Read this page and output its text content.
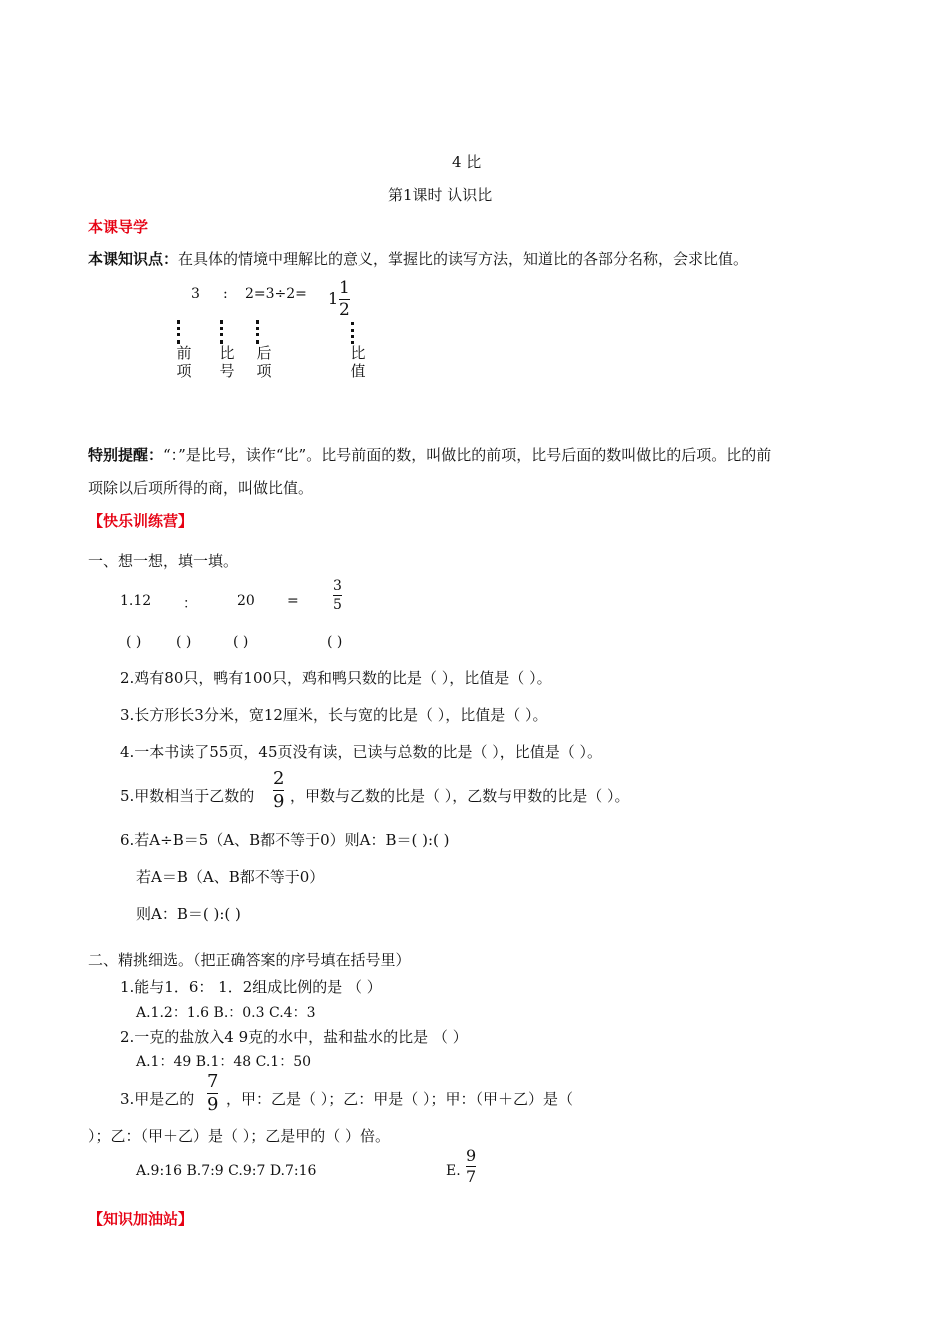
4 比
第1课时 认识比
本课导学
本课知识点：在具体的情境中理解比的意义，掌握比的读写方法，知道比的各部分名称，会求比值。
3 : 2=3÷2= 1
1
2
前
项
比
号
后
项
比
值
特别提醒：“：”是比号，读作“比”。比号前面的数，叫做比的前项，比号后面的数叫做比的后项。比的前
项除以后项所得的商，叫做比值。
【快乐训练营】
一、想一想，填一填。
1.12 ：	20 =
3
5
( ) ( )	( )	( )
2.鸡有80只，鸭有100只，鸡和鸭只数的比是（ ），比值是（ ）。
3.长方形长3分米，宽12厘米，长与宽的比是（ ），比值是（ ）。
4.一本书读了55页，45页没有读，已读与总数的比是（ ），比值是（ ）。
5.甲数相当于乙数的
2
9 ，甲数与乙数的比是（ ），乙数与甲数的比是（ ）。
6.若A÷B＝5（A、B都不等于0）则A：B＝( ):( )
若A＝B（A、B都不等于0）
则A：B＝( ):( )
二、精挑细选。（把正确答案的序号填在括号里）
1.能与1．6： 1．2组成比例的是 （ ）
A.1.2：1.6 B.：0.3 C.4：3
2.一克的盐放入4 9克的水中，盐和盐水的比是 （ ）
A.1：49 B.1：48 C.1：50
3.甲是乙的
7
9 ，甲：乙是（ ）；乙：甲是（ ）；甲：（甲＋乙）是（
）；乙：（甲＋乙）是（ ）；乙是甲的（ ）倍。
A.9:16 B.7:9 C.9:7 D.7:16	E.
9
7
【知识加油站】
